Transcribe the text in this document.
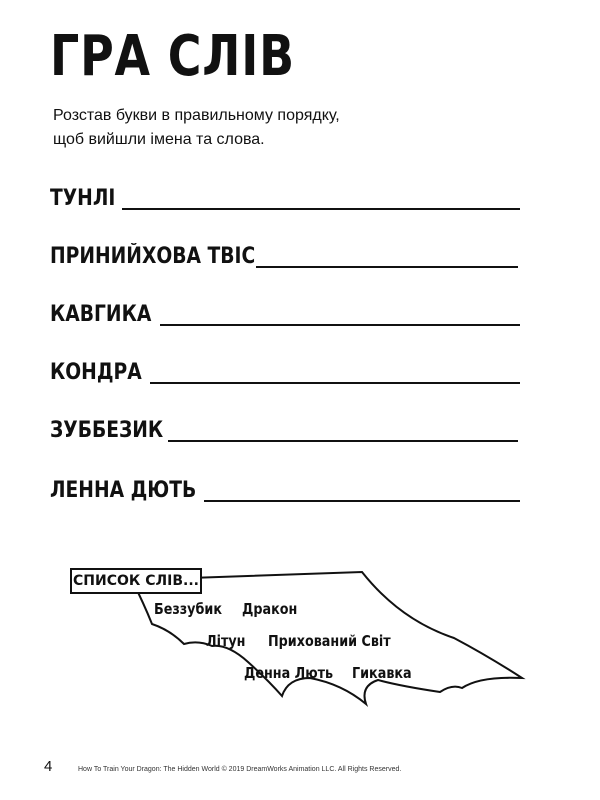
ГРА СЛІВ
Розстав букви в правильному порядку,
щоб вийшли імена та слова.
ТУНЛІ
ПРИНИЙХОВА ТВІС
КАВГИКА
КОНДРА
ЗУББЕЗИК
ЛЕННА ДЮТЬ
СПИСОК СЛІВ...
Беззубик Дракон
Літун Прихований Світ
Денна Лють Гикавка
4	How To Train Your Dragon: The Hidden World © 2019 DreamWorks Animation LLC. All Rights Reserved.
